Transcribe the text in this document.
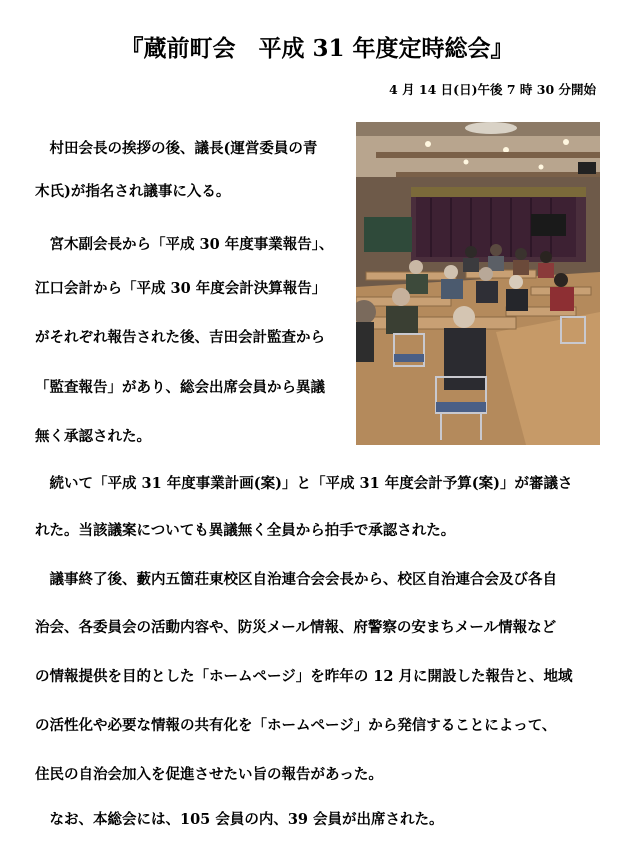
『蔵前町会　平成 31 年度定時総会』
4 月 14 日(日)午後 7 時 30 分開始
　村田会長の挨拶の後、議長(運営委員の青
木氏)が指名され議事に入る。
　宮木副会長から「平成 30 年度事業報告」、
江口会計から「平成 30 年度会計決算報告」
がそれぞれ報告された後、吉田会計監査から
「監査報告」があり、総会出席会員から異議
無く承認された。
　続いて「平成 31 年度事業計画(案)」と「平成 31 年度会計予算(案)」が審議さ
れた。当該議案についても異議無く全員から拍手で承認された。
　議事終了後、藪内五箇荘東校区自治連合会会長から、校区自治連合会及び各自
治会、各委員会の活動内容や、防災メール情報、府警察の安まちメール情報など
の情報提供を目的とした「ホームページ」を昨年の 12 月に開設した報告と、地域
の活性化や必要な情報の共有化を「ホームページ」から発信することによって、
住民の自治会加入を促進させたい旨の報告があった。
　なお、本総会には、105 会員の内、39 会員が出席された。
